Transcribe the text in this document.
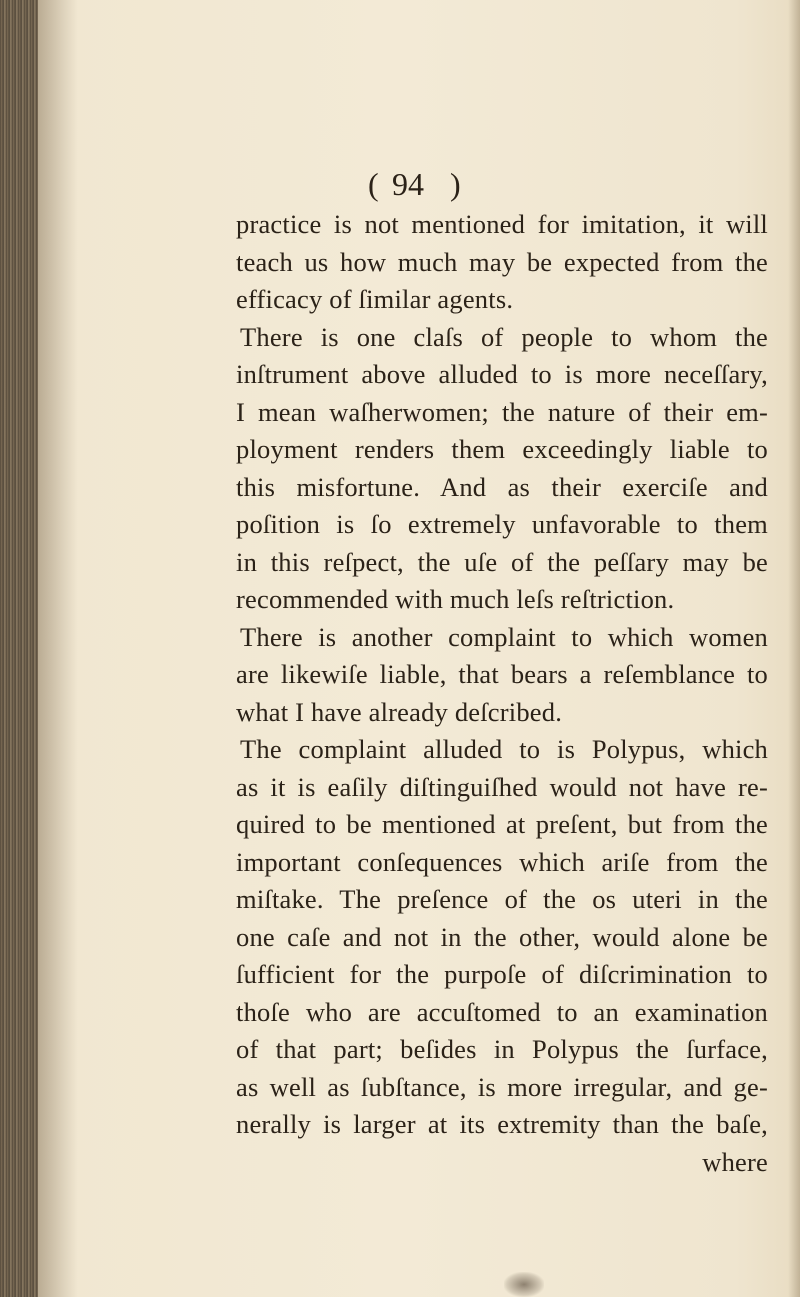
( 94 )
practice is not mentioned for imitation, it will
teach us how much may be expected from the
efficacy of ſimilar agents.
There is one claſs of people to whom the
inſtrument above alluded to is more neceſſary,
I mean waſherwomen; the nature of their em-
ployment renders them exceedingly liable to
this misfortune. And as their exerciſe and
poſition is ſo extremely unfavorable to them
in this reſpect, the uſe of the peſſary may be
recommended with much leſs reſtriction.
There is another complaint to which women
are likewiſe liable, that bears a reſemblance to
what I have already deſcribed.
The complaint alluded to is Polypus, which
as it is eaſily diſtinguiſhed would not have re-
quired to be mentioned at preſent, but from the
important conſequences which ariſe from the
miſtake. The preſence of the os uteri in the
one caſe and not in the other, would alone be
ſufficient for the purpoſe of diſcrimination to
thoſe who are accuſtomed to an examination
of that part; beſides in Polypus the ſurface,
as well as ſubſtance, is more irregular, and ge-
nerally is larger at its extremity than the baſe,
where
